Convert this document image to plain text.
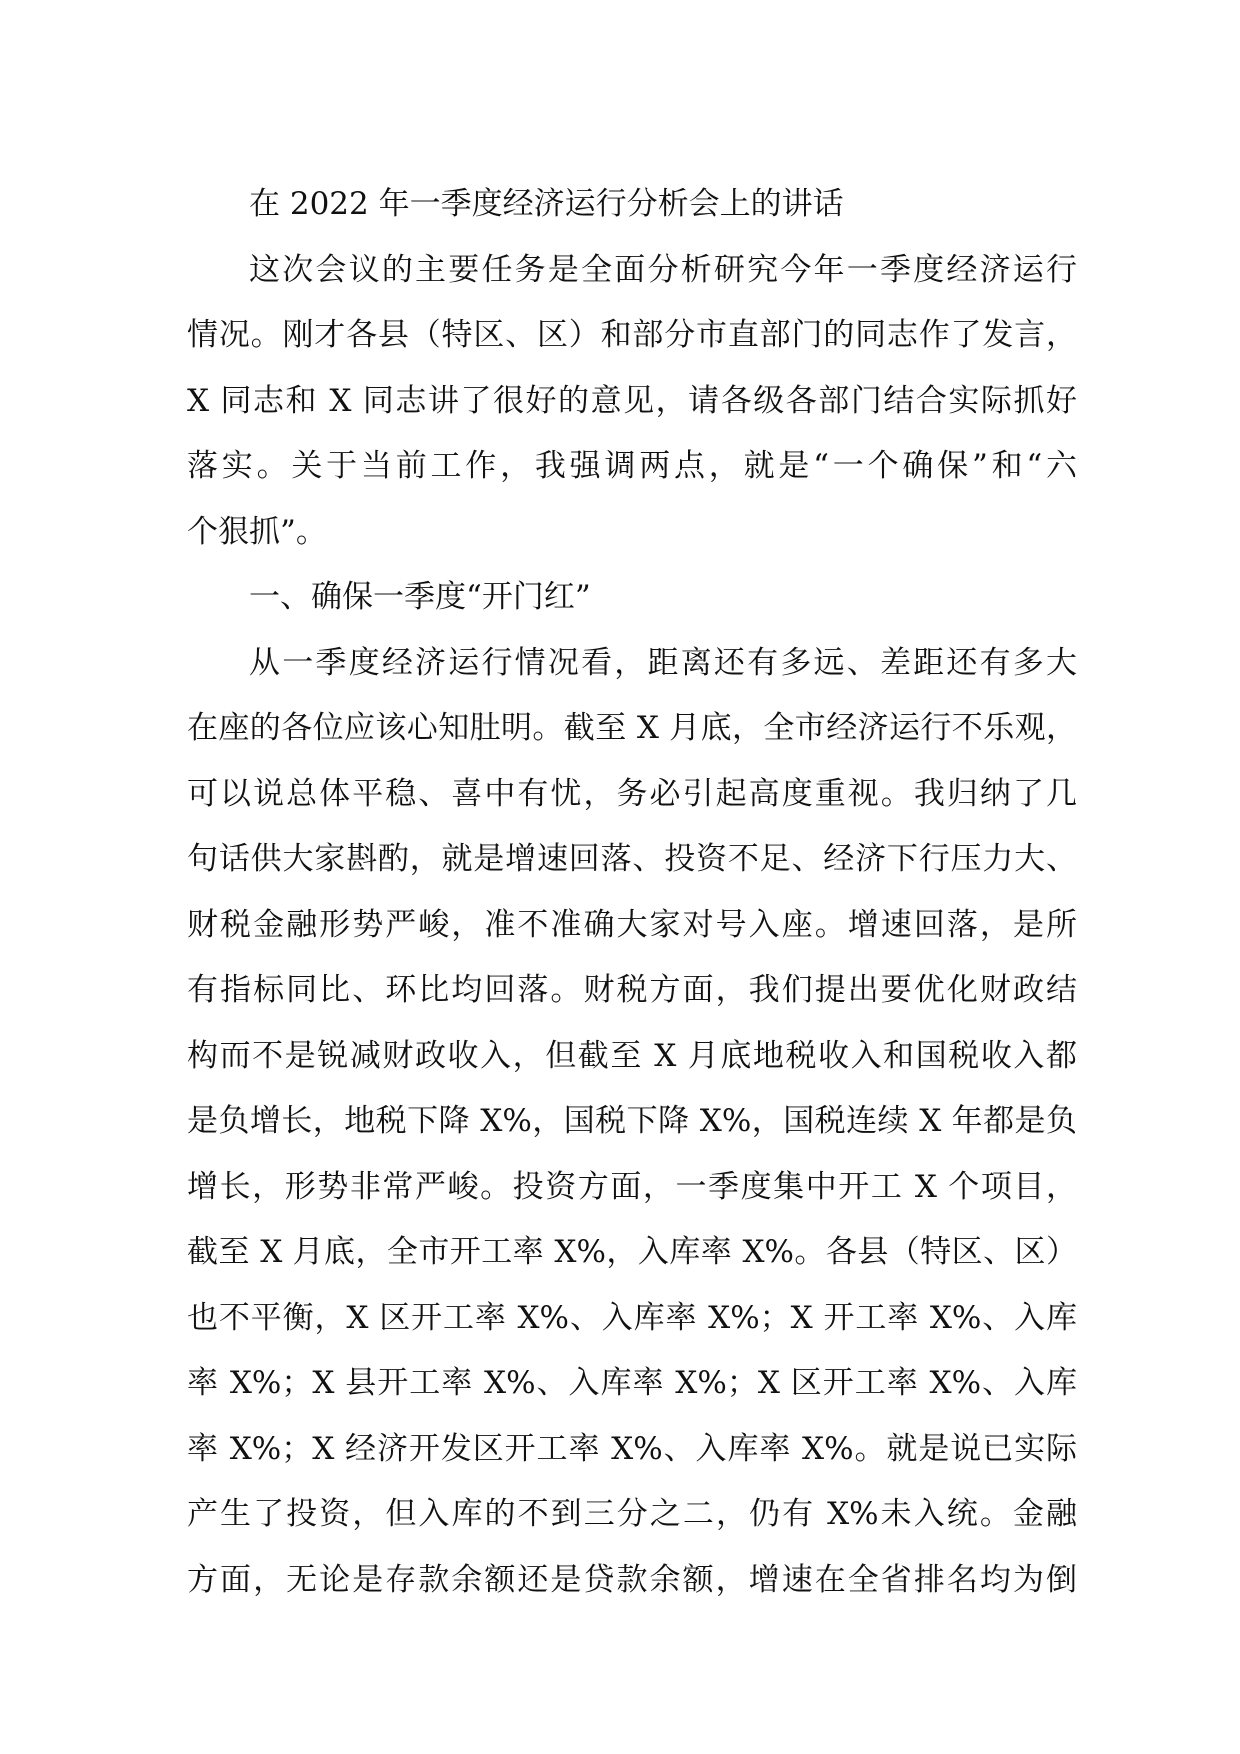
在 2022 年一季度经济运行分析会上的讲话
这次会议的主要任务是全面分析研究今年一季度经济运行
情况。刚才各县（特区、区）和部分市直部门的同志作了发言，
X 同志和 X 同志讲了很好的意见，请各级各部门结合实际抓好
落实。关于当前工作，我强调两点，就是“一个确保”和“六
个狠抓”。
一、确保一季度“开门红”
从一季度经济运行情况看，距离还有多远、差距还有多大
在座的各位应该心知肚明。截至 X 月底，全市经济运行不乐观，
可以说总体平稳、喜中有忧，务必引起高度重视。我归纳了几
句话供大家斟酌，就是增速回落、投资不足、经济下行压力大、
财税金融形势严峻，准不准确大家对号入座。增速回落，是所
有指标同比、环比均回落。财税方面，我们提出要优化财政结
构而不是锐减财政收入，但截至 X 月底地税收入和国税收入都
是负增长，地税下降 X%，国税下降 X%，国税连续 X 年都是负
增长，形势非常严峻。投资方面，一季度集中开工 X 个项目，
截至 X 月底，全市开工率 X%，入库率 X%。各县（特区、区）
也不平衡，X 区开工率 X%、入库率 X%；X 开工率 X%、入库
率 X%；X 县开工率 X%、入库率 X%；X 区开工率 X%、入库
率 X%；X 经济开发区开工率 X%、入库率 X%。就是说已实际
产生了投资，但入库的不到三分之二，仍有 X%未入统。金融
方面，无论是存款余额还是贷款余额，增速在全省排名均为倒
